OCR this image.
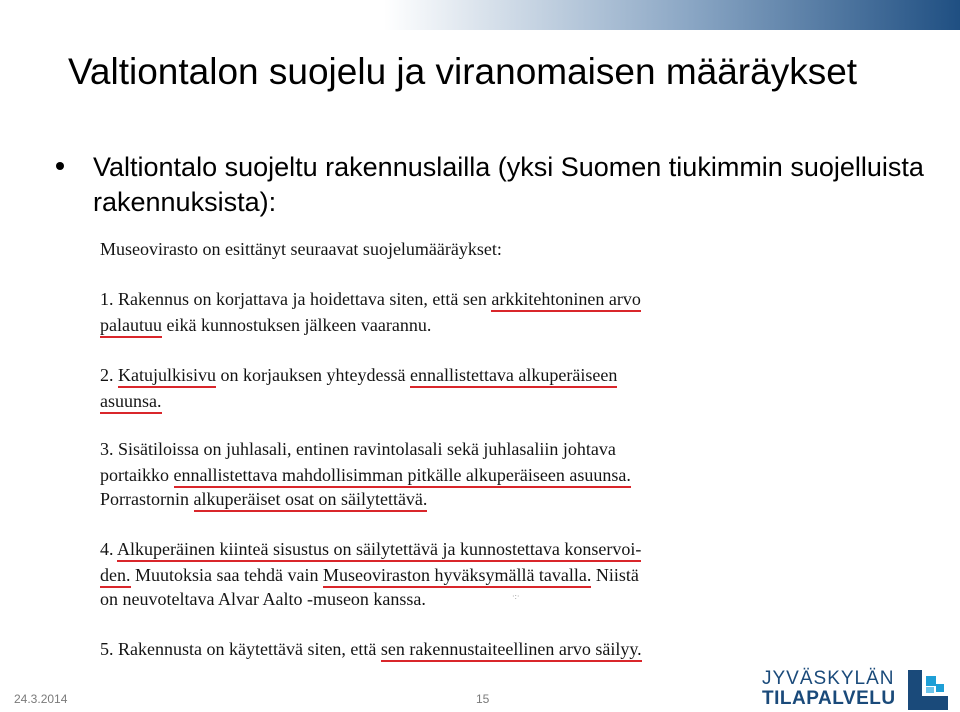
Valtiontalon suojelu ja viranomaisen määräykset
Valtiontalo suojeltu rakennuslailla (yksi Suomen tiukimmin suojelluista rakennuksista):
Museovirasto on esittänyt seuraavat suojelumääräykset:
1. Rakennus on korjattava ja hoidettava siten, että sen arkkitehtoninen arvo
palautuu eikä kunnostuksen jälkeen vaarannu.
2. Katujulkisivu on korjauksen yhteydessä ennallistettava alkuperäiseen
asuunsa.
3. Sisätiloissa on juhlasali, entinen ravintolasali sekä juhlasaliin johtava
portaikko ennallistettava mahdollisimman pitkälle alkuperäiseen asuunsa.
Porrastornin alkuperäiset osat on säilytettävä.
4. Alkuperäinen kiinteä sisustus on säilytettävä ja kunnostettava konservoi-
den. Muutoksia saa tehdä vain Museoviraston hyväksymällä tavalla. Niistä
on neuvoteltava Alvar Aalto -museon kanssa.	·:·
5. Rakennusta on käytettävä siten, että sen rakennustaiteellinen arvo säilyy.
24.3.2014	15
JYVÄSKYLÄN
TILAPALVELU
